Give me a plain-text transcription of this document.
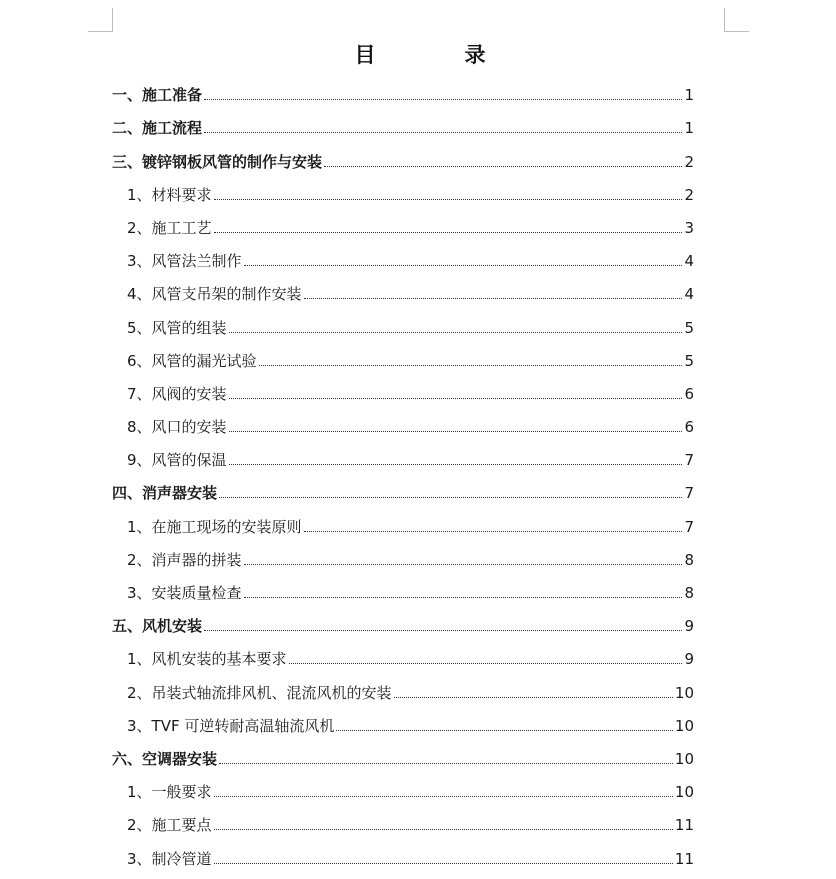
目　录
一、施工准备	1
二、施工流程	1
三、镀锌钢板风管的制作与安装	2
1、材料要求	2
2、施工工艺	3
3、风管法兰制作	4
4、风管支吊架的制作安装	4
5、风管的组装	5
6、风管的漏光试验	5
7、风阀的安装	6
8、风口的安装	6
9、风管的保温	7
四、消声器安装	7
1、在施工现场的安装原则	7
2、消声器的拼装	8
3、安装质量检查	8
五、风机安装	9
1、风机安装的基本要求	9
2、吊装式轴流排风机、混流风机的安装	10
3、TVF 可逆转耐高温轴流风机	10
六、空调器安装	10
1、一般要求	10
2、施工要点	11
3、制冷管道	11
